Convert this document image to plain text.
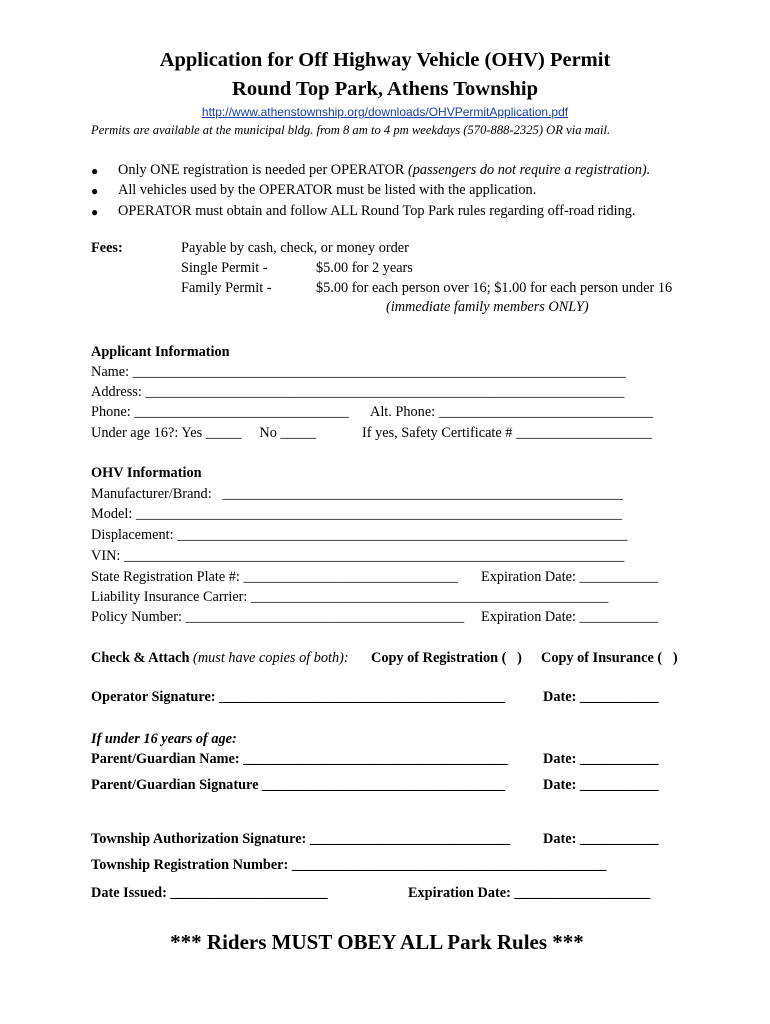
Application for Off Highway Vehicle (OHV) Permit
Round Top Park, Athens Township
http://www.athenstownship.org/downloads/OHVPermitApplication.pdf
Permits are available at the municipal bldg. from 8 am to 4 pm weekdays (570-888-2325) OR via mail.
● Only ONE registration is needed per OPERATOR (passengers do not require a registration).
● All vehicles used by the OPERATOR must be listed with the application.
● OPERATOR must obtain and follow ALL Round Top Park rules regarding off-road riding.
Fees:	Payable by cash, check, or money order
Single Permit -	$5.00 for 2 years
Family Permit -	$5.00 for each person over 16; $1.00 for each person under 16
(immediate family members ONLY)
Applicant Information
Name: _____________________________________________________________________
Address: ___________________________________________________________________
Phone: ______________________________ Alt. Phone: ______________________________
Under age 16?: Yes _____     No _____	If yes, Safety Certificate # ___________________
OHV Information
Manufacturer/Brand:   ________________________________________________________
Model: ____________________________________________________________________
Displacement: _______________________________________________________________
VIN: ______________________________________________________________________
State Registration Plate #: ______________________________ Expiration Date: ___________
Liability Insurance Carrier: __________________________________________________
Policy Number: _______________________________________ Expiration Date: ___________
Check & Attach (must have copies of both): Copy of Registration (   ) Copy of Insurance (   )
Operator Signature: ________________________________________	Date: ___________
If under 16 years of age:
Parent/Guardian Name: _____________________________________ Date: ___________
Parent/Guardian Signature __________________________________	Date: ___________
Township Authorization Signature: ____________________________ Date: ___________
Township Registration Number: ____________________________________________
Date Issued: ______________________	Expiration Date: ___________________
*** Riders MUST OBEY ALL Park Rules ***
